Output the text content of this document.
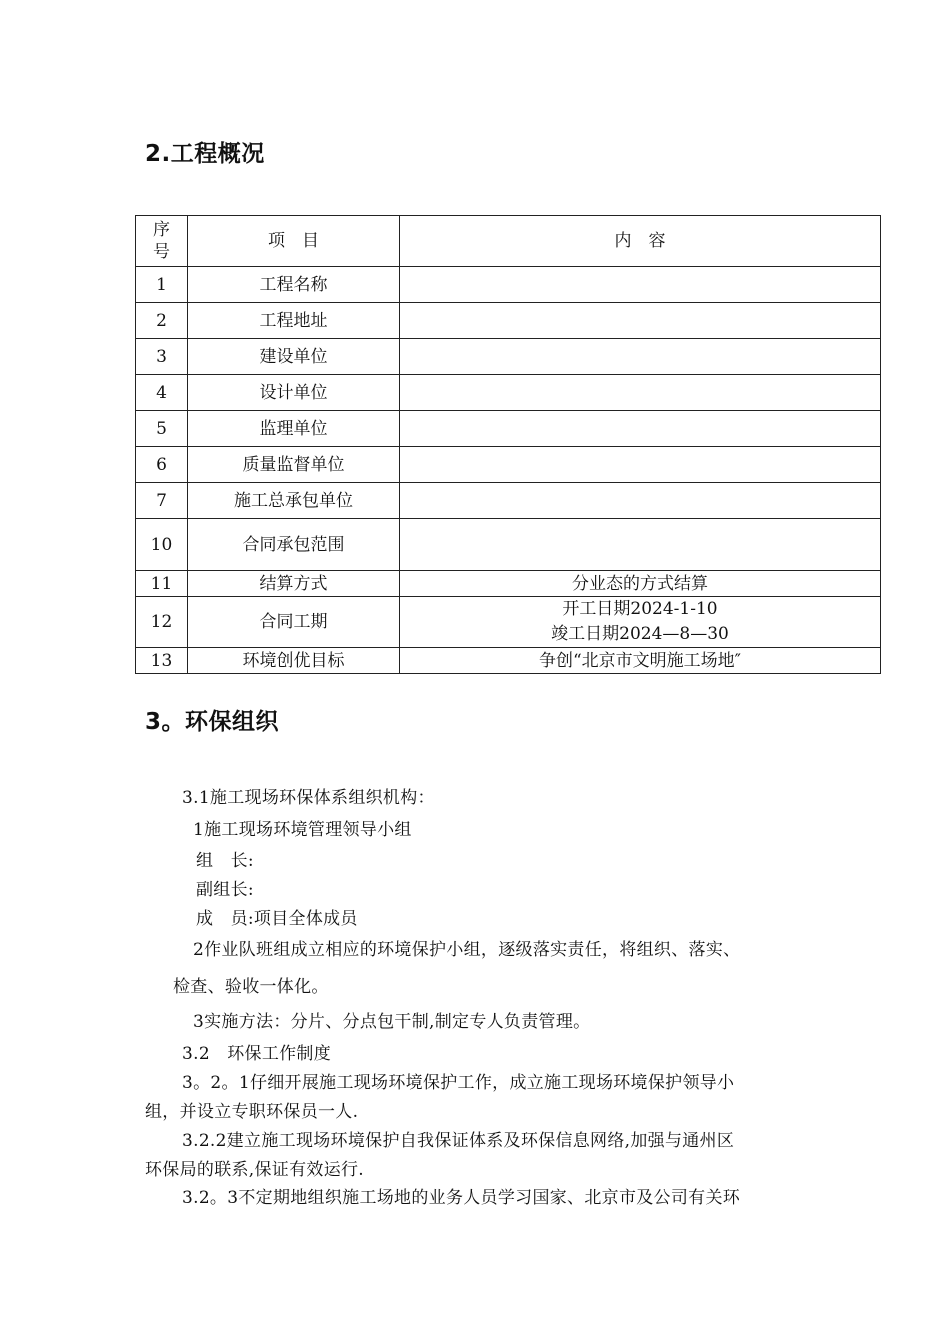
2.工程概况
序
号	项　目	内　容
1	工程名称	
2	工程地址	
3	建设单位	
4	设计单位	
5	监理单位	
6	质量监督单位	
7	施工总承包单位	
10	合同承包范围	
11	结算方式	分业态的方式结算
12	合同工期	开工日期2024-1-10
竣工日期2024—8—30
13	环境创优目标	争创“北京市文明施工场地″
3。环保组织
3.1施工现场环保体系组织机构：
1施工现场环境管理领导小组
组　长:
副组长:
成　员:项目全体成员
2作业队班组成立相应的环境保护小组，逐级落实责任，将组织、落实、
检查、验收一体化。
3实施方法：分片、分点包干制,制定专人负责管理。
3.2　环保工作制度
3。2。1仔细开展施工现场环境保护工作，成立施工现场环境保护领导小
组，并设立专职环保员一人.
3.2.2建立施工现场环境保护自我保证体系及环保信息网络,加强与通州区
环保局的联系,保证有效运行.
3.2。3不定期地组织施工场地的业务人员学习国家、北京市及公司有关环
